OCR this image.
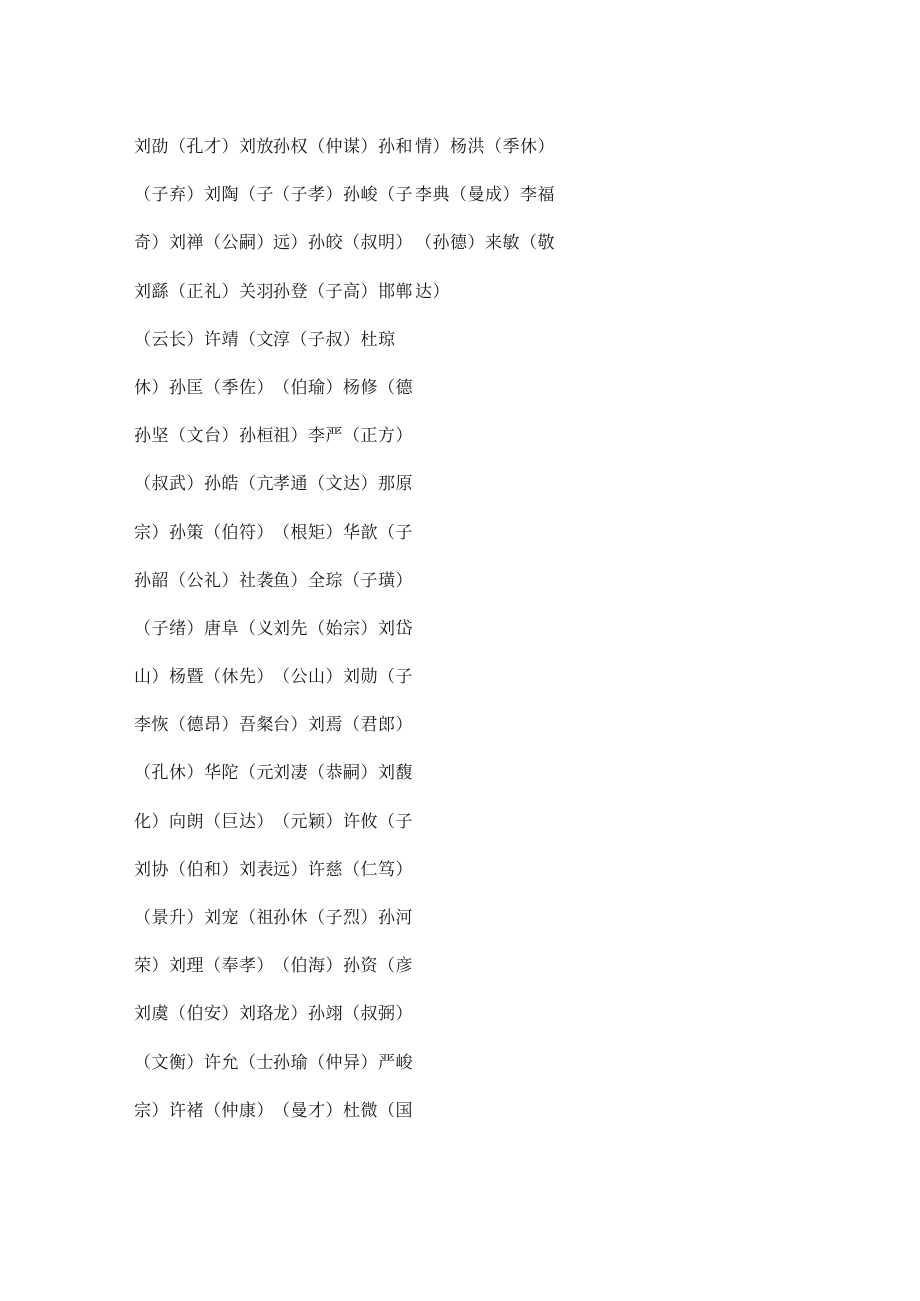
刘劭（孔才）刘放
（子弃）刘陶（子
奇）刘禅（公嗣）
刘繇（正礼）关羽
（云长）许靖（文
休）孙匡（季佐）
孙坚（文台）孙桓
（叔武）孙皓（亢
宗）孙策（伯符）
孙韶（公礼）社袭
（子绪）唐阜（义
山）杨暨（休先）
李恢（德昂）吾粲
（孔休）华陀（元
化）向朗（巨达）
刘协（伯和）刘表
（景升）刘宠（祖
荣）刘理（奉孝）
刘虞（伯安）刘珞
（文衡）许允（士
宗）许褚（仲康）
孙权（仲谋）孙和
（子孝）孙峻（子
远）孙皎（叔明）
孙登（子高）邯郸
淳（子叔）杜琼
（伯瑜）杨修（德
祖）李严（正方）
孝通（文达）那原
（根矩）华歆（子
鱼）全琮（子璜）
刘先（始宗）刘岱
（公山）刘勋（子
台）刘焉（君郎）
刘凄（恭嗣）刘馥
（元颖）许攸（子
远）许慈（仁笃）
孙休（子烈）孙河
（伯海）孙资（彦
龙）孙翊（叔弼）
孙瑜（仲异）严峻
（曼才）杜微（国
情）杨洪（季休）
李典（曼成）李福
（孙德）来敏（敬
达）
